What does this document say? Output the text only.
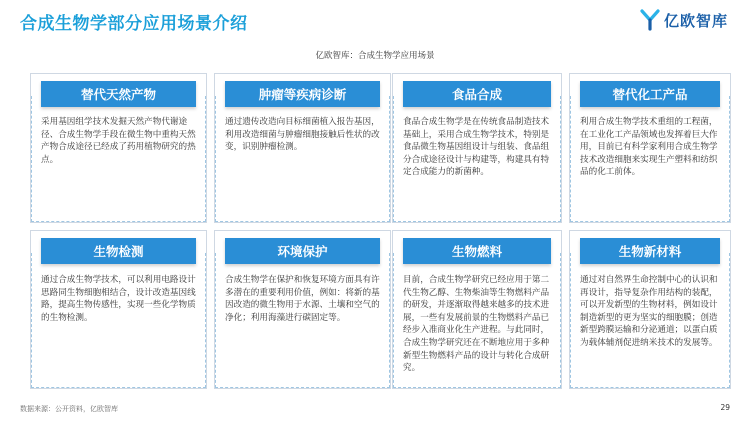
合成生物学部分应用场景介绍	亿欧智库
亿欧智库：合成生物学应用场景
替代天然产物

采用基因组学技术发掘天然产物代谢途径、合成生物学手段在微生物中重构天然产物合成途径已经成了药用植物研究的热点。

肿瘤等疾病诊断

通过遗传改造向目标细菌植入报告基因，利用改造细菌与肿瘤细胞接触后性状的改变，识别肿瘤检测。

食品合成

食品合成生物学是在传统食品制造技术基础上，采用合成生物学技术，特别是食品微生物基因组设计与组装、食品组分合成途径设计与构建等，构建具有特定合成能力的新菌种。

替代化工产品

利用合成生物学技术重组的工程菌，在工业化工产品领域也发挥着巨大作用，目前已有科学家利用合成生物学技术改造细胞来实现生产塑料和纺织品的化工前体。

生物检测

通过合成生物学技术，可以利用电路设计思路同生物细胞相结合，设计改造基因线路，提高生物传感性，实现一些化学物质的生物检测。

环境保护

合成生物学在保护和恢复环境方面具有许多潜在的重要利用价值，例如：将新的基因改造的微生物用于水源、土壤和空气的净化；利用海藻进行碳固定等。

生物燃料

目前，合成生物学研究已经应用于第二代生物乙醇、生物柴油等生物燃料产品的研发，并逐渐取得越来越多的技术进展，一些有发展前景的生物燃料产品已经步入准商业化生产进程。与此同时，合成生物学研究还在不断地应用于多种新型生物燃料产品的设计与转化合成研究。

生物新材料

通过对自然界生命控制中心的认识和再设计，指导复杂作用结构的装配，可以开发新型的生物材料，例如设计制造新型的更为坚实的细胞膜；创造新型跨膜运输和分泌通道；以蛋白质为载体辅剂促进纳米技术的发展等。

数据来源：公开资料，亿欧智库	29
